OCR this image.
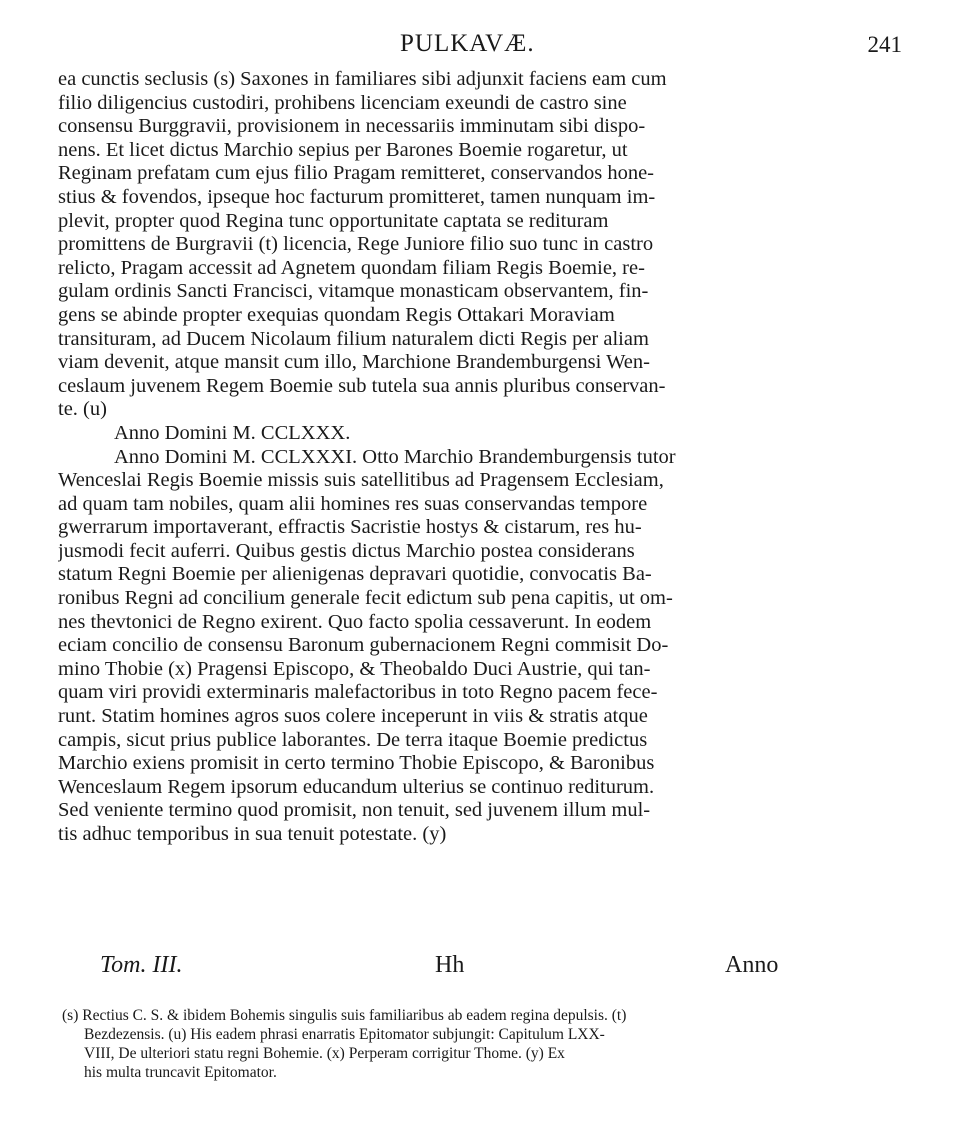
PULKAVÆ.	241
ea cunctis seclusis (s) Saxones in familiares sibi adjunxit faciens eam cum
filio diligencius custodiri, prohibens licenciam exeundi de castro sine
consensu Burggravii, provisionem in necessariis imminutam sibi dispo-
nens. Et licet dictus Marchio sepius per Barones Boemie rogaretur, ut
Reginam prefatam cum ejus filio Pragam remitteret, conservandos hone-
stius & fovendos, ipseque hoc facturum promitteret, tamen nunquam im-
plevit, propter quod Regina tunc opportunitate captata se redituram
promittens de Burgravii (t) licencia, Rege Juniore filio suo tunc in castro
relicto, Pragam accessit ad Agnetem quondam filiam Regis Boemie, re-
gulam ordinis Sancti Francisci, vitamque monasticam observantem, fin-
gens se abinde propter exequias quondam Regis Ottakari Moraviam
transituram, ad Ducem Nicolaum filium naturalem dicti Regis per aliam
viam devenit, atque mansit cum illo, Marchione Brandemburgensi Wen-
ceslaum juvenem Regem Boemie sub tutela sua annis pluribus conservan-
te. (u)
Anno Domini M. CCLXXX.
Anno Domini M. CCLXXXI. Otto Marchio Brandemburgensis tutor
Wenceslai Regis Boemie missis suis satellitibus ad Pragensem Ecclesiam,
ad quam tam nobiles, quam alii homines res suas conservandas tempore
gwerrarum importaverant, effractis Sacristie hostys & cistarum, res hu-
jusmodi fecit auferri. Quibus gestis dictus Marchio postea considerans
statum Regni Boemie per alienigenas depravari quotidie, convocatis Ba-
ronibus Regni ad concilium generale fecit edictum sub pena capitis, ut om-
nes thevtonici de Regno exirent. Quo facto spolia cessaverunt. In eodem
eciam concilio de consensu Baronum gubernacionem Regni commisit Do-
mino Thobie (x) Pragensi Episcopo, & Theobaldo Duci Austrie, qui tan-
quam viri providi exterminaris malefactoribus in toto Regno pacem fece-
runt. Statim homines agros suos colere inceperunt in viis & stratis atque
campis, sicut prius publice laborantes. De terra itaque Boemie predictus
Marchio exiens promisit in certo termino Thobie Episcopo, & Baronibus
Wenceslaum Regem ipsorum educandum ulterius se continuo rediturum.
Sed veniente termino quod promisit, non tenuit, sed juvenem illum mul-
tis adhuc temporibus in sua tenuit potestate. (y)
Tom. III.	Hh	Anno
(s) Rectius C. S. & ibidem Bohemis singulis suis familiaribus ab eadem regina depulsis. (t)
Bezdezensis. (u) His eadem phrasi enarratis Epitomator subjungit: Capitulum LXX-
VIII, De ulteriori statu regni Bohemie. (x) Perperam corrigitur Thome. (y) Ex
his multa truncavit Epitomator.
